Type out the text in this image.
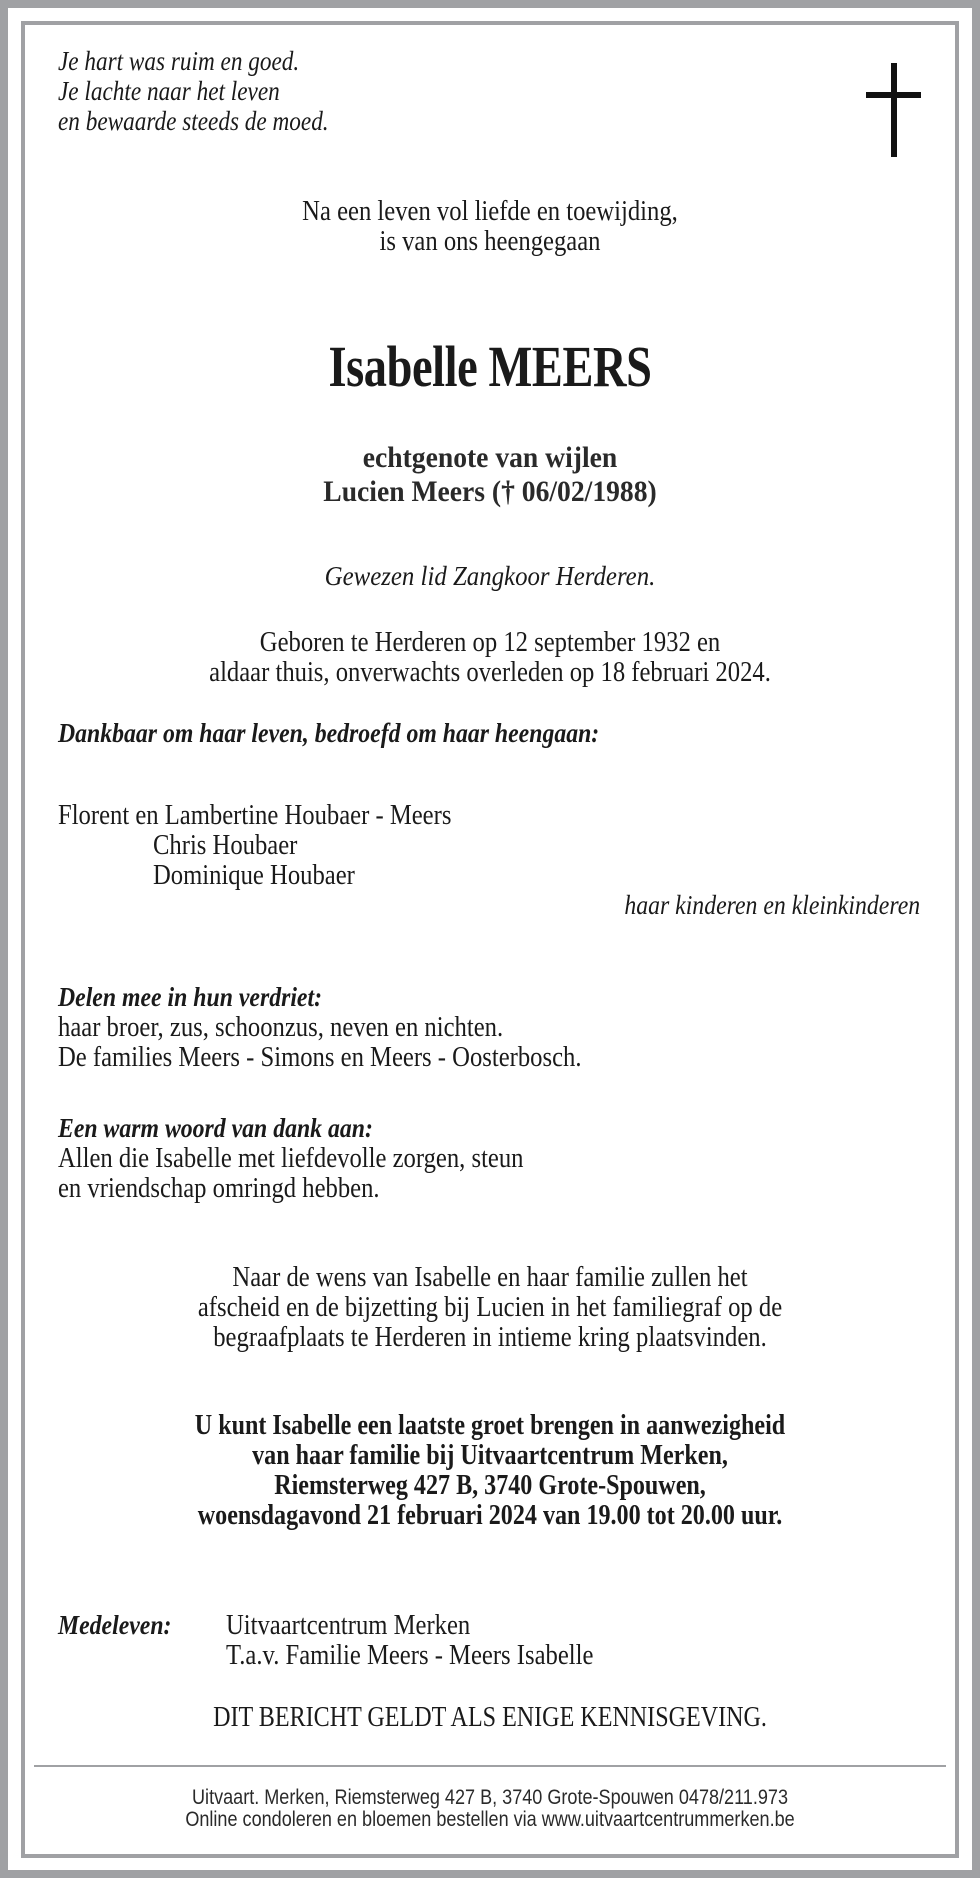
Je hart was ruim en goed.
Je lachte naar het leven
en bewaarde steeds de moed.
Na een leven vol liefde en toewijding,
is van ons heengegaan
Isabelle MEERS
echtgenote van wijlen
Lucien Meers († 06/02/1988)
Gewezen lid Zangkoor Herderen.
Geboren te Herderen op 12 september 1932 en
aldaar thuis, onverwachts overleden op 18 februari 2024.
Dankbaar om haar leven, bedroefd om haar heengaan:
Florent en Lambertine Houbaer - Meers
Chris Houbaer
Dominique Houbaer
haar kinderen en kleinkinderen
Delen mee in hun verdriet:
haar broer, zus, schoonzus, neven en nichten.
De families Meers - Simons en Meers - Oosterbosch.
Een warm woord van dank aan:
Allen die Isabelle met liefdevolle zorgen, steun
en vriendschap omringd hebben.
Naar de wens van Isabelle en haar familie zullen het
afscheid en de bijzetting bij Lucien in het familiegraf op de
begraafplaats te Herderen in intieme kring plaatsvinden.
U kunt Isabelle een laatste groet brengen in aanwezigheid
van haar familie bij Uitvaartcentrum Merken,
Riemsterweg 427 B, 3740 Grote-Spouwen,
woensdagavond 21 februari 2024 van 19.00 tot 20.00 uur.
Medeleven:	Uitvaartcentrum Merken
T.a.v. Familie Meers - Meers Isabelle
DIT BERICHT GELDT ALS ENIGE KENNISGEVING.
Uitvaart. Merken, Riemsterweg 427 B, 3740 Grote-Spouwen 0478/211.973
Online condoleren en bloemen bestellen via www.uitvaartcentrummerken.be
